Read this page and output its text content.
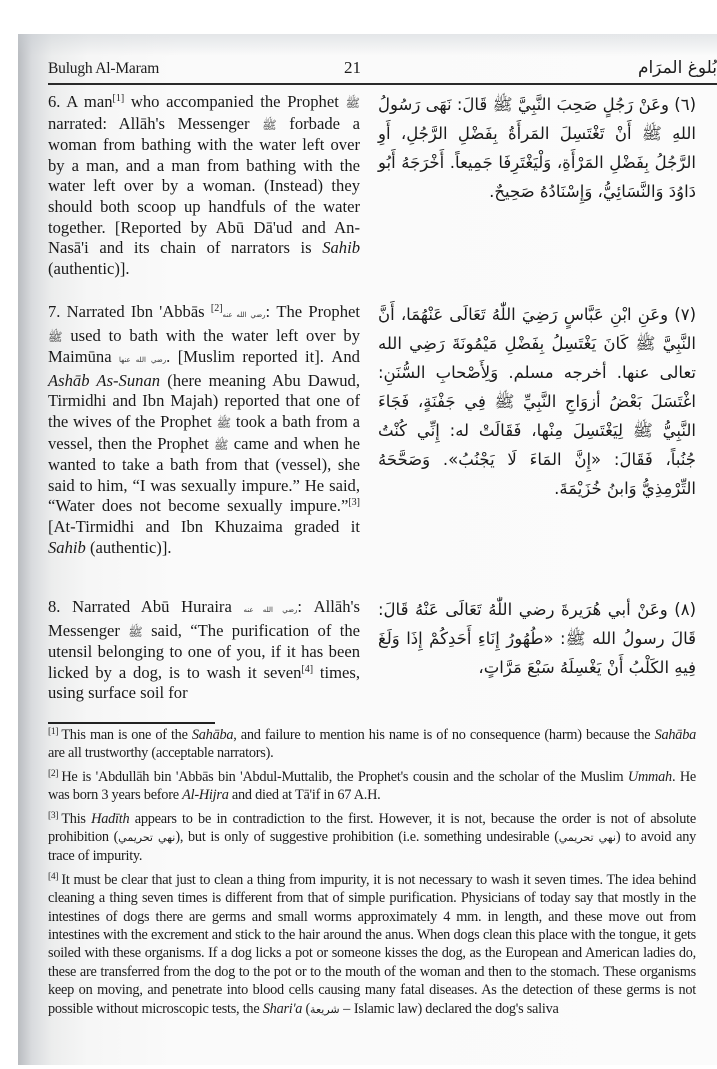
Bulugh Al-Maram	21	بُلوغ المرَام

6. A man[1] who accompanied the Prophet ﷺ narrated: Allāh's Messenger ﷺ forbade a woman from bathing with the water left over by a man, and a man from bathing with the water left over by a woman. (Instead) they should both scoop up handfuls of the water together. [Reported by Abū Dā'ud and An-Nasā'i and its chain of narrators is Sahib (authentic)].

(٦) وعَنْ رَجُلٍ صَحِبَ النَّبِيَّ ﷺ قَالَ: نَهَى رَسُولُ اللهِ ﷺ أَنْ تَغْتَسِلَ المَرأَةُ بِفَضْلِ الرَّجُلِ، أَوِ الرَّجُلُ بِفَضْلِ المَرْأَةِ، وَلْيَغْتَرِفَا جَمِيعاً. أَخْرَجَهُ أَبُو دَاوُدَ وَالنَّسَائِيُّ، وَإِسْنَادُهُ صَحِيحٌ.

7. Narrated Ibn 'Abbās رضي الله عنه[2]	: The Prophet ﷺ used to bath with the water left over by Maimūna رضي الله عنها. [Muslim reported it]. And Ashāb As-Sunan (here meaning Abu Dawud, Tirmidhi and Ibn Majah) reported that one of the wives of the Prophet ﷺ took a bath from a vessel, then the Prophet ﷺ came and when he wanted to take a bath from that (vessel), she said to him, “I was sexually impure.” He said, “Water does not become sexually impure.”[3] [At-Tirmidhi and Ibn Khuzaima graded it Sahib (authentic)].

(٧) وعَنِ ابْنِ عَبَّاسٍ رَضِيَ اللّٰهُ تَعَالَى عَنْهُمَا، أَنَّ النَّبِيَّ ﷺ كَانَ يَغْتَسِلُ بِفَضْلِ مَيْمُونَةَ رَضِي الله تعالى عنها. أخرجه مسلم. وَلِأَصْحابِ السُّنَنِ: اغْتَسَلَ بَعْضُ أزوَاجِ النَّبِيِّ ﷺ فِي جَفْنَةٍ، فَجَاءَ النَّبِيُّ ﷺ لِيَغْتَسِلَ مِنْها، فَقَالَتْ له: إِنِّي كُنْتُ جُنُباً، فَقَالَ: «إِنَّ المَاءَ لَا يَجْنُبُ». وَصَحَّحَهُ التِّرْمِذِيُّ وَابنُ خُزَيْمَةَ.

8. Narrated Abū Huraira رضي الله عنه: Allāh's Messenger ﷺ said, “The purification of the utensil belonging to one of you, if it has been licked by a dog, is to wash it seven[4] times, using surface soil for

(٨) وعَنْ أبي هُرَيرةَ رضي اللّٰهُ تَعَالَى عَنْهُ قَالَ: قَالَ رسولُ الله ﷺ: «طُهُورُ إِنَاءِ أَحَدِكُمْ إِذَا وَلَغَ فِيهِ الكَلْبُ أَنْ يَغْسِلَهُ سَبْعَ مَرَّاتٍ،

[1] This man is one of the Sahāba, and failure to mention his name is of no consequence (harm) because the Sahāba are all trustworthy (acceptable narrators).

[2] He is 'Abdullāh bin 'Abbās bin 'Abdul-Muttalib, the Prophet's cousin and the scholar of the Muslim Ummah. He was born 3 years before Al-Hijra and died at Tā'if in 67 A.H.

[3] This Hadīth appears to be in contradiction to the first. However, it is not, because the order is not of absolute prohibition (نهي تحريمي), but is only of suggestive prohibition (i.e. something undesirable (نهي تحريمي) to avoid any trace of impurity.

[4] It must be clear that just to clean a thing from impurity, it is not necessary to wash it seven times. The idea behind cleaning a thing seven times is different from that of simple purification. Physicians of today say that mostly in the intestines of dogs there are germs and small worms approximately 4 mm. in length, and these move out from intestines with the excrement and stick to the hair around the anus. When dogs clean this place with the tongue, it gets soiled with these organisms. If a dog licks a pot or someone kisses the dog, as the European and American ladies do, these are transferred from the dog to the pot or to the mouth of the woman and then to the stomach. These organisms keep on moving, and penetrate into blood cells causing many fatal diseases. As the detection of these germs is not possible without microscopic tests, the Shari'a (شريعة – Islamic law) declared the dog's saliva
